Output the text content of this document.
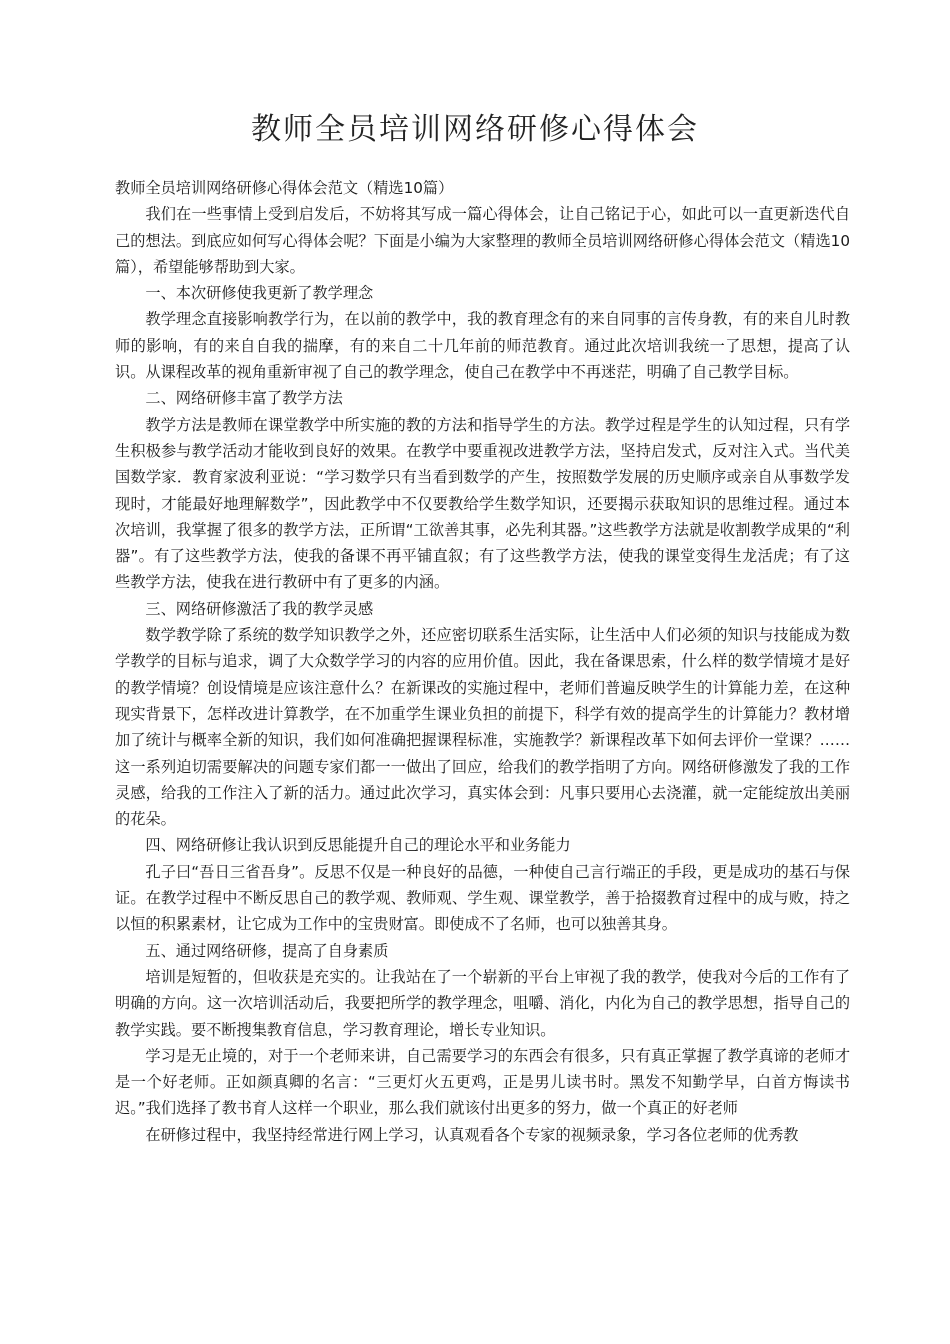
教师全员培训网络研修心得体会

教师全员培训网络研修心得体会范文（精选10篇）

我们在一些事情上受到启发后，不妨将其写成一篇心得体会，让自己铭记于心，如此可以一直更新迭代自己的想法。到底应如何写心得体会呢？下面是小编为大家整理的教师全员培训网络研修心得体会范文（精选10篇），希望能够帮助到大家。

一、本次研修使我更新了教学理念

教学理念直接影响教学行为，在以前的教学中，我的教育理念有的来自同事的言传身教，有的来自儿时教师的影响，有的来自自我的揣摩，有的来自二十几年前的师范教育。通过此次培训我统一了思想，提高了认识。从课程改革的视角重新审视了自己的教学理念，使自己在教学中不再迷茫，明确了自己教学目标。

二、网络研修丰富了教学方法

教学方法是教师在课堂教学中所实施的教的方法和指导学生的方法。教学过程是学生的认知过程，只有学生积极参与教学活动才能收到良好的效果。在教学中要重视改进教学方法，坚持启发式，反对注入式。当代美国数学家．教育家波利亚说：“学习数学只有当看到数学的产生，按照数学发展的历史顺序或亲自从事数学发现时，才能最好地理解数学”，因此教学中不仅要教给学生数学知识，还要揭示获取知识的思维过程。通过本次培训，我掌握了很多的教学方法，正所谓“工欲善其事，必先利其器。”这些教学方法就是收割教学成果的“利器”。有了这些教学方法，使我的备课不再平铺直叙；有了这些教学方法，使我的课堂变得生龙活虎；有了这些教学方法，使我在进行教研中有了更多的内涵。

三、网络研修激活了我的教学灵感

数学教学除了系统的数学知识教学之外，还应密切联系生活实际，让生活中人们必须的知识与技能成为数学教学的目标与追求，调了大众数学学习的内容的应用价值。因此，我在备课思索，什么样的数学情境才是好的教学情境？创设情境是应该注意什么？在新课改的实施过程中，老师们普遍反映学生的计算能力差，在这种现实背景下，怎样改进计算教学，在不加重学生课业负担的前提下，科学有效的提高学生的计算能力？教材增加了统计与概率全新的知识，我们如何准确把握课程标准，实施教学？新课程改革下如何去评价一堂课？……这一系列迫切需要解决的问题专家们都一一做出了回应，给我们的教学指明了方向。网络研修激发了我的工作灵感，给我的工作注入了新的活力。通过此次学习，真实体会到：凡事只要用心去浇灌，就一定能绽放出美丽的花朵。

四、网络研修让我认识到反思能提升自己的理论水平和业务能力

孔子曰“吾日三省吾身”。反思不仅是一种良好的品德，一种使自己言行端正的手段，更是成功的基石与保证。在教学过程中不断反思自己的教学观、教师观、学生观、课堂教学，善于拾掇教育过程中的成与败，持之以恒的积累素材，让它成为工作中的宝贵财富。即使成不了名师，也可以独善其身。

五、通过网络研修，提高了自身素质

培训是短暂的，但收获是充实的。让我站在了一个崭新的平台上审视了我的教学，使我对今后的工作有了明确的方向。这一次培训活动后，我要把所学的教学理念，咀嚼、消化，内化为自己的教学思想，指导自己的教学实践。要不断搜集教育信息，学习教育理论，增长专业知识。

学习是无止境的，对于一个老师来讲，自己需要学习的东西会有很多，只有真正掌握了教学真谛的老师才是一个好老师。正如颜真卿的名言：“三更灯火五更鸡，正是男儿读书时。黑发不知勤学早，白首方悔读书迟。”我们选择了教书育人这样一个职业，那么我们就该付出更多的努力，做一个真正的好老师

在研修过程中，我坚持经常进行网上学习，认真观看各个专家的视频录象，学习各位老师的优秀教
